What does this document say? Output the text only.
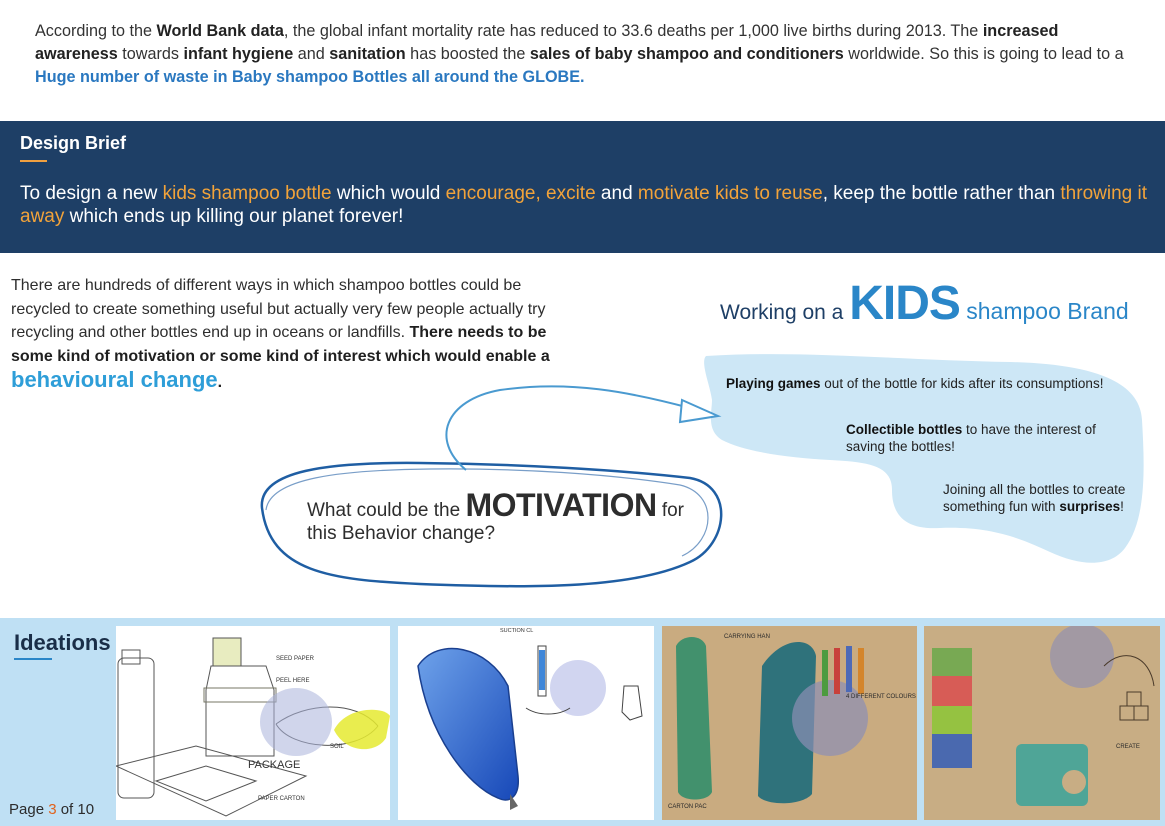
According to the World Bank data, the global infant mortality rate has reduced to 33.6 deaths per 1,000 live births during 2013. The increased awareness towards infant hygiene and sanitation has boosted the sales of baby shampoo and conditioners worldwide. So this is going to lead to a Huge number of waste in Baby shampoo Bottles all around the GLOBE.

Design Brief

To design a new kids shampoo bottle which would encourage, excite and motivate kids to reuse, keep the bottle rather than throwing it away which ends up killing our planet forever!

There are hundreds of different ways in which shampoo bottles could be recycled to create something useful but actually very few people actually try recycling and other bottles end up in oceans or landfills. There needs to be some kind of motivation or some kind of interest which would enable a behavioural change.

Working on a KIDS shampoo Brand

Playing games out of the bottle for kids after its consumptions!

Collectible bottles to have the interest of saving the bottles!

Joining all the bottles to create something fun with surprises!

What could be the MOTIVATION for this Behavior change?

Ideations
SEED PAPER
PEEL HERE
SOIL
PACKAGE
PAPER CARTON
SUCTION CL
CARRYING HAN
4 DIFFERENT COLOURS
CARTON PAC
CREATE
Page 3 of 10
